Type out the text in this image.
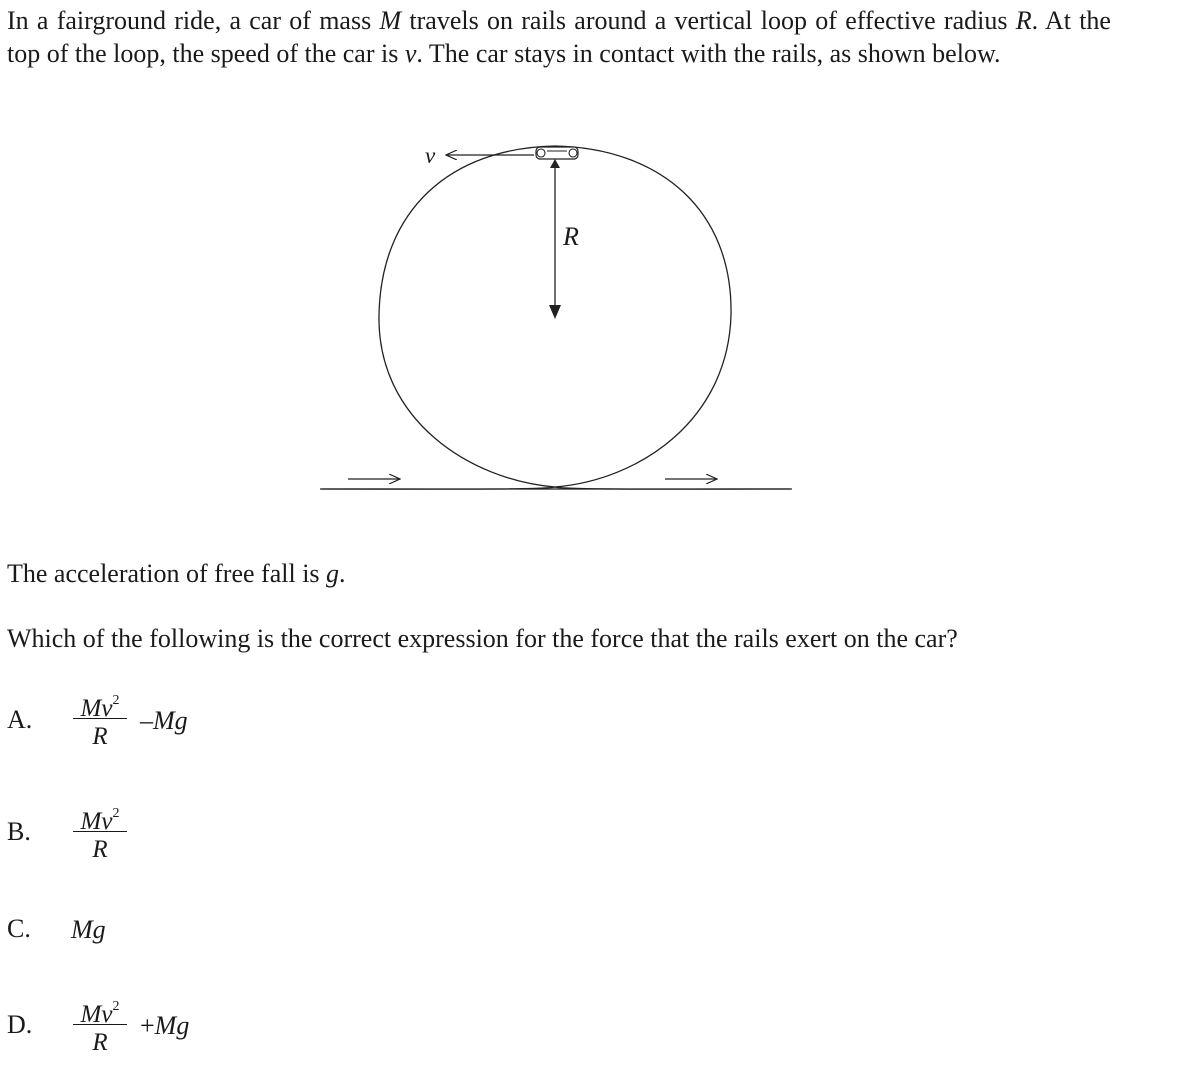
In a fairground ride, a car of mass M travels on rails around a vertical loop of effective radius R. At the top of the loop, the speed of the car is v. The car stays in contact with the rails, as shown below.
v
R
The acceleration of free fall is g.
Which of the following is the correct expression for the force that the rails exert on the car?
A.	Mv$^2$
R
–Mg
B.	Mv$^2$
R
C. Mg
D.	Mv$^2$
R
+Mg
